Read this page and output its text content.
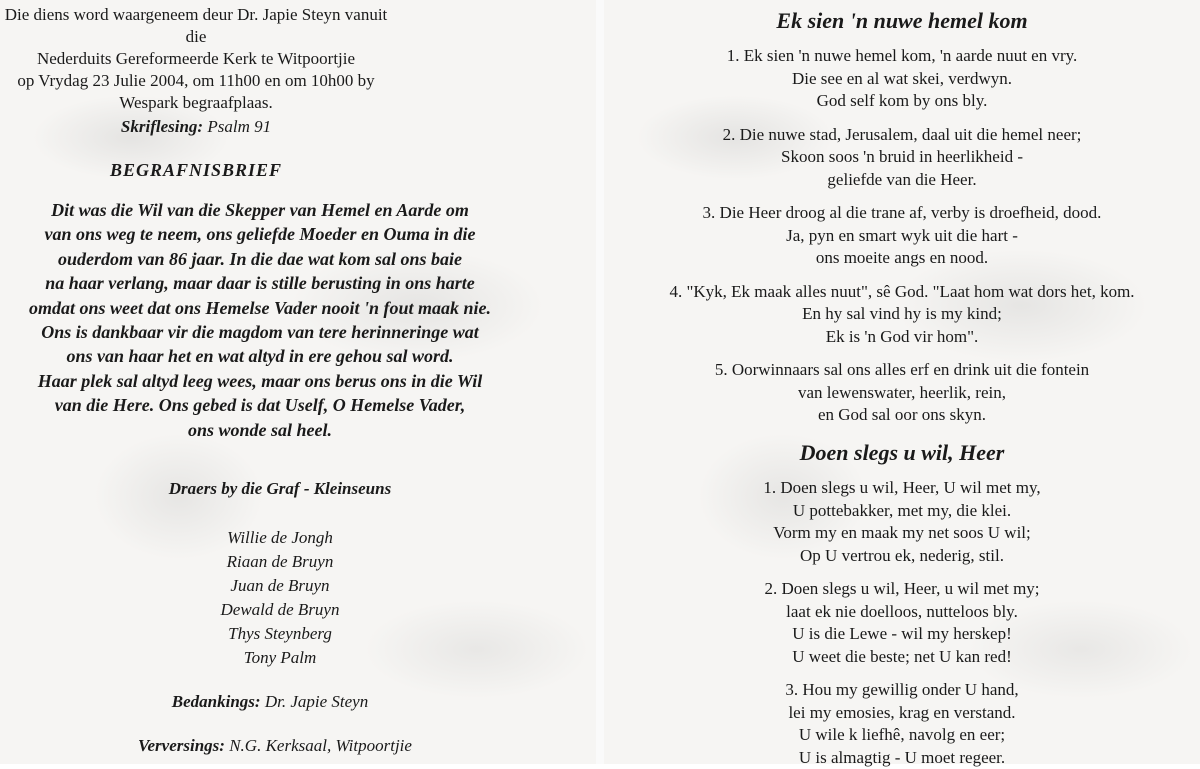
Die diens word waargeneem deur Dr. Japie Steyn vanuit die
Nederduits Gereformeerde Kerk te Witpoortjie
op Vrydag 23 Julie 2004, om 11h00 en om 10h00 by
Wespark begraafplaas.
Skriflesing: Psalm 91
BEGRAFNISBRIEF
Dit was die Wil van die Skepper van Hemel en Aarde om
van ons weg te neem, ons geliefde Moeder en Ouma in die
ouderdom van 86 jaar. In die dae wat kom sal ons baie
na haar verlang, maar daar is stille berusting in ons harte
omdat ons weet dat ons Hemelse Vader nooit 'n fout maak nie.
Ons is dankbaar vir die magdom van tere herinneringe wat
ons van haar het en wat altyd in ere gehou sal word.
Haar plek sal altyd leeg wees, maar ons berus ons in die Wil
van die Here. Ons gebed is dat Uself, O Hemelse Vader,
ons wonde sal heel.
Draers by die Graf - Kleinseuns
Willie de Jongh
Riaan de Bruyn
Juan de Bruyn
Dewald de Bruyn
Thys Steynberg
Tony Palm
Bedankings: Dr. Japie Steyn
Verversings: N.G. Kerksaal, Witpoortjie
Ek sien 'n nuwe hemel kom
1. Ek sien 'n nuwe hemel kom, 'n aarde nuut en vry.
Die see en al wat skei, verdwyn.
God self kom by ons bly.
2. Die nuwe stad, Jerusalem, daal uit die hemel neer;
Skoon soos 'n bruid in heerlikheid -
geliefde van die Heer.
3. Die Heer droog al die trane af, verby is droefheid, dood.
Ja, pyn en smart wyk uit die hart -
ons moeite angs en nood.
4. "Kyk, Ek maak alles nuut", sê God. "Laat hom wat dors het, kom.
En hy sal vind hy is my kind;
Ek is 'n God vir hom".
5. Oorwinnaars sal ons alles erf en drink uit die fontein
van lewenswater, heerlik, rein,
en God sal oor ons skyn.
Doen slegs u wil, Heer
1. Doen slegs u wil, Heer, U wil met my,
U pottebakker, met my, die klei.
Vorm my en maak my net soos U wil;
Op U vertrou ek, nederig, stil.
2. Doen slegs u wil, Heer, u wil met my;
laat ek nie doelloos, nutteloos bly.
U is die Lewe - wil my herskep!
U weet die beste; net U kan red!
3. Hou my gewillig onder U hand,
lei my emosies, krag en verstand.
U wile k liefhê, navolg en eer;
U is almagtig - U moet regeer.
